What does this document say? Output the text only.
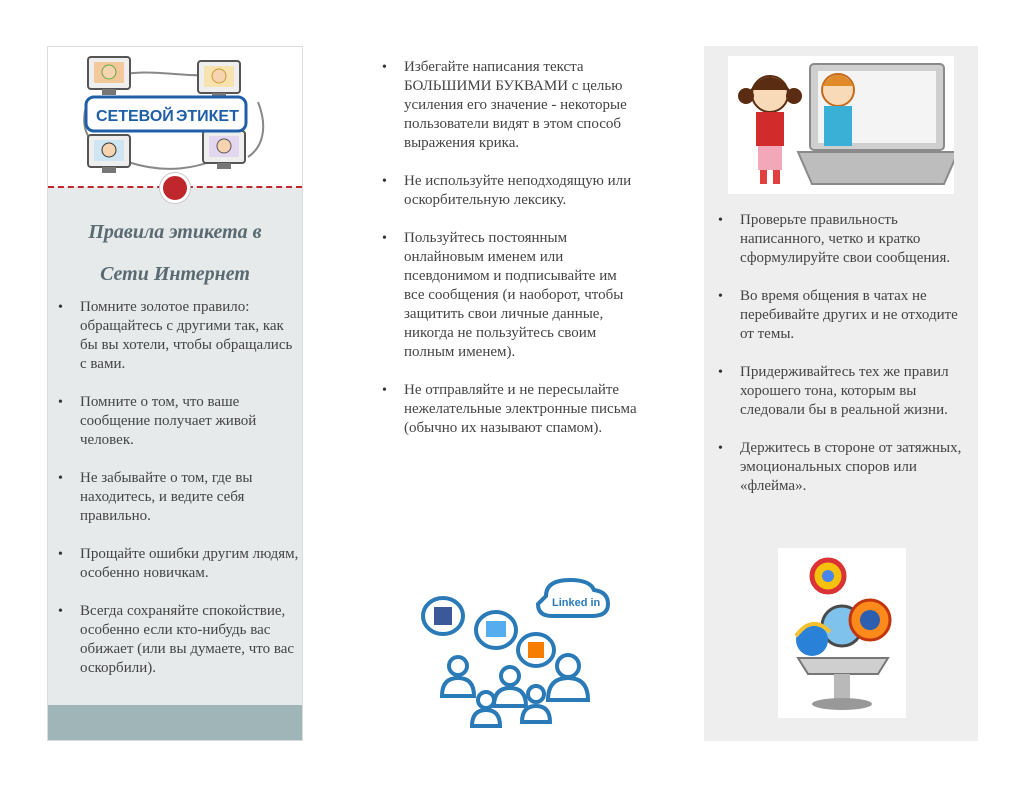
СЕТЕВОЙ ЭТИКЕТ
Правила этикета в
Сети Интернет
• Помните золотое правило: обращайтесь с другими так, как бы вы хотели, чтобы обращались с вами.
• Помните о том, что ваше сообщение получает живой человек.
• Не забывайте о том, где вы находитесь, и ведите себя правильно.
• Прощайте ошибки другим людям, особенно новичкам.
• Всегда сохраняйте спокойствие, особенно если кто-нибудь вас обижает (или вы думаете, что вас оскорбили).
• Избегайте написания текста БОЛЬШИМИ БУКВАМИ с целью усиления его значение - некоторые пользователи видят в этом способ выражения крика.
• Не используйте неподходящую или оскорбительную лексику.
• Пользуйтесь постоянным онлайновым именем или псевдонимом и подписывайте им все сообщения (и наоборот, чтобы защитить свои личные данные, никогда не пользуйтесь своим полным именем).
• Не отправляйте и не пересылайте нежелательные электронные письма (обычно их называют спамом).
Linked in
• Проверьте правильность написанного, четко и кратко сформулируйте свои сообщения.
• Во время общения в чатах не перебивайте других и не отходите от темы.
• Придерживайтесь тех же правил хорошего тона, которым вы следовали бы в реальной жизни.
• Держитесь в стороне от затяжных, эмоциональных споров или «флейма».
